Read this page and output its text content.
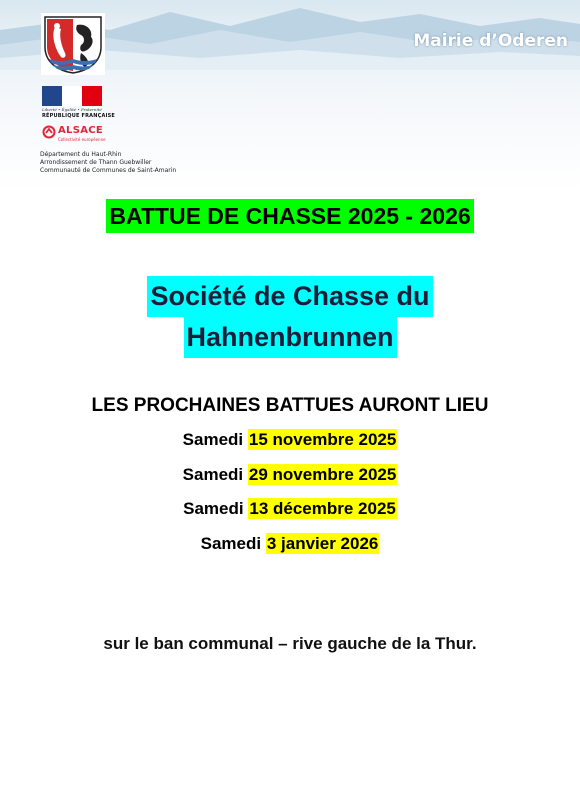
Mairie d’Oderen
Liberté • Égalité • Fraternité
RÉPUBLIQUE FRANÇAISE
ALSACE
Collectivité européenne
Département du Haut-Rhin
Arrondissement de Thann Guebwiller
Communauté de Communes de Saint-Amarin
BATTUE DE CHASSE 2025 - 2026
Société de Chasse du
Hahnenbrunnen
LES PROCHAINES BATTUES AURONT LIEU
Samedi 15 novembre 2025
Samedi 29 novembre 2025
Samedi 13 décembre 2025
Samedi 3 janvier 2026
sur le ban communal – rive gauche de la Thur.
